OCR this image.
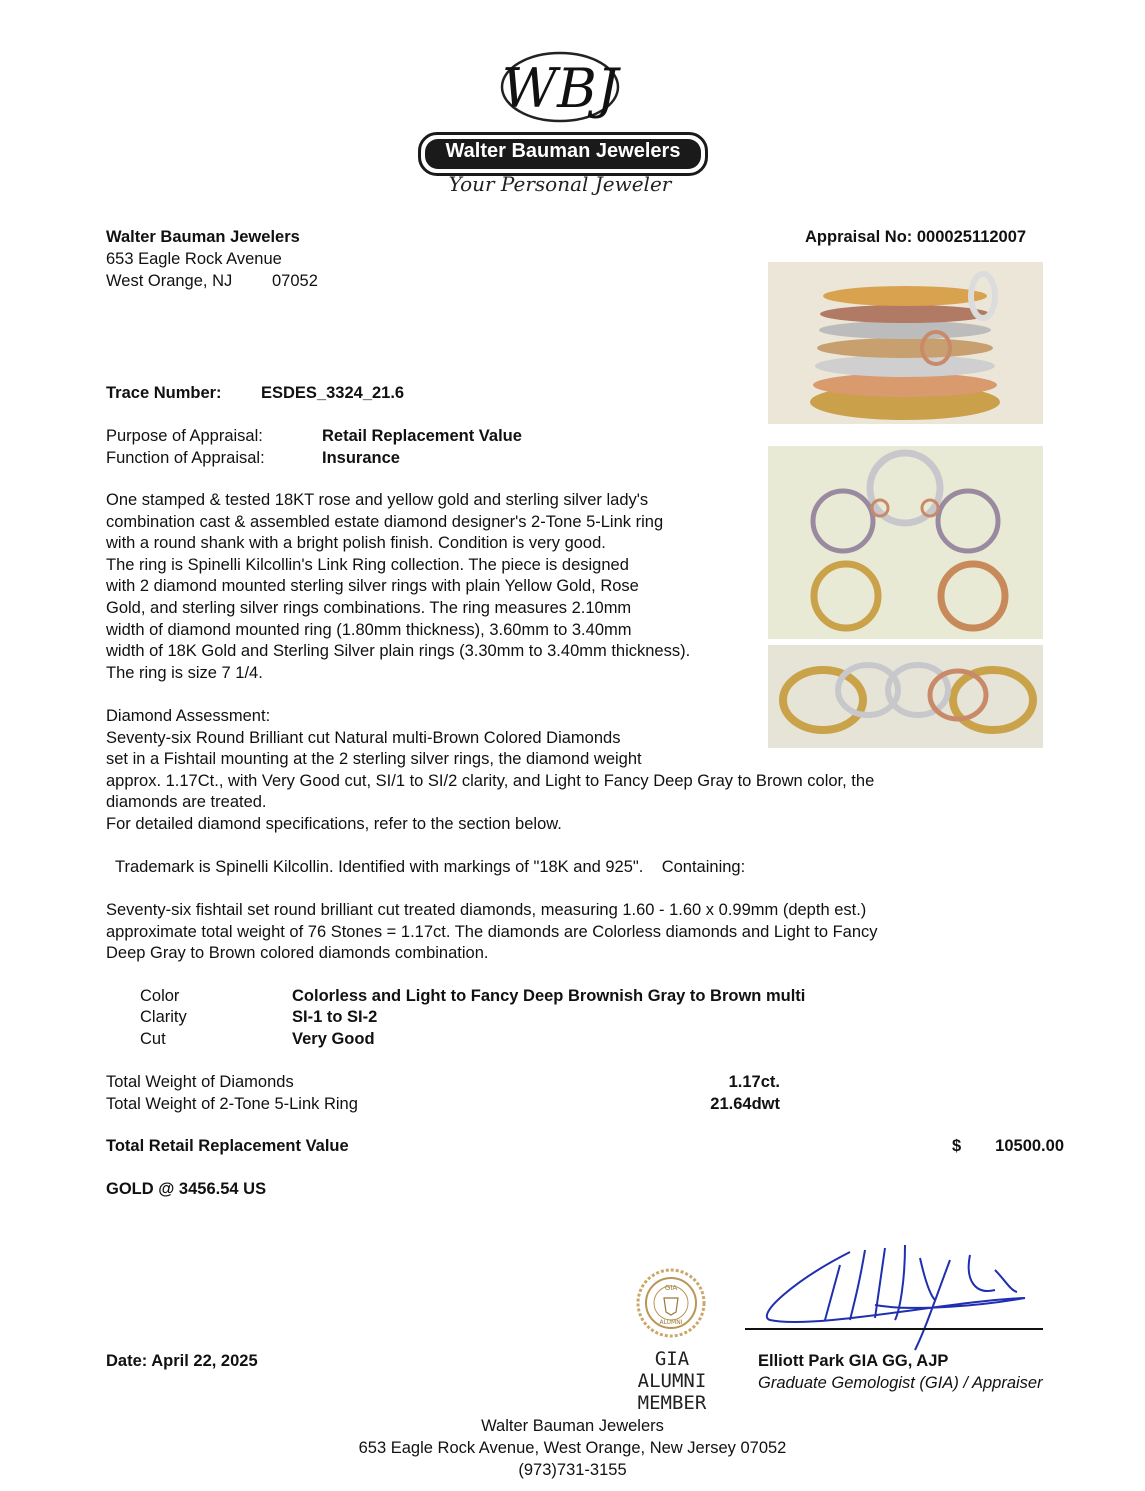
WBJ
Walter Bauman Jewelers
Your Personal Jeweler
Walter Bauman Jewelers
653 Eagle Rock Avenue
West Orange, NJ 07052
Appraisal No: 000025112007
Trace Number: ESDES_3324_21.6
Purpose of Appraisal:	Retail Replacement Value
Function of Appraisal:	Insurance

One stamped & tested 18KT rose and yellow gold and sterling silver lady's

combination cast & assembled estate diamond designer's 2-Tone 5-Link ring

with a round shank with a bright polish finish. Condition is very good.

The ring is Spinelli Kilcollin's Link Ring collection. The piece is designed

with 2 diamond mounted sterling silver rings with plain Yellow Gold, Rose

Gold, and sterling silver rings combinations. The ring measures 2.10mm

width of diamond mounted ring (1.80mm thickness), 3.60mm to 3.40mm

width of 18K Gold and Sterling Silver plain rings (3.30mm to 3.40mm thickness).

The ring is size 7 1/4.

Diamond Assessment:

Seventy-six Round Brilliant cut Natural multi-Brown Colored Diamonds

set in a Fishtail mounting at the 2 sterling silver rings, the diamond weight

approx. 1.17Ct., with Very Good cut, SI/1 to SI/2 clarity, and Light to Fancy Deep Gray to Brown color, the

diamonds are treated.

For detailed diamond specifications, refer to the section below.

Trademark is Spinelli Kilcollin. Identified with markings of "18K and 925".    Containing:

Seventy-six fishtail set round brilliant cut treated diamonds, measuring 1.60 - 1.60 x 0.99mm (depth est.)

approximate total weight of 76 Stones = 1.17ct. The diamonds are Colorless diamonds and Light to Fancy

Deep Gray to Brown colored diamonds combination.

Color	Colorless and Light to Fancy Deep Brownish Gray to Brown multi
Clarity	SI-1 to SI-2
Cut	Very Good
Total Weight of Diamonds	1.17ct.
Total Weight of 2-Tone 5-Link Ring	21.64dwt
Total Retail Replacement Value	$	10500.00
GOLD @ 3456.54 US
GIA
ALUMNI
GIA ALUMNI
MEMBER
Elliott Park GIA GG, AJP
Graduate Gemologist (GIA) / Appraiser
Date: April 22, 2025
Walter Bauman Jewelers
653 Eagle Rock Avenue, West Orange, New Jersey 07052
(973)731-3155
